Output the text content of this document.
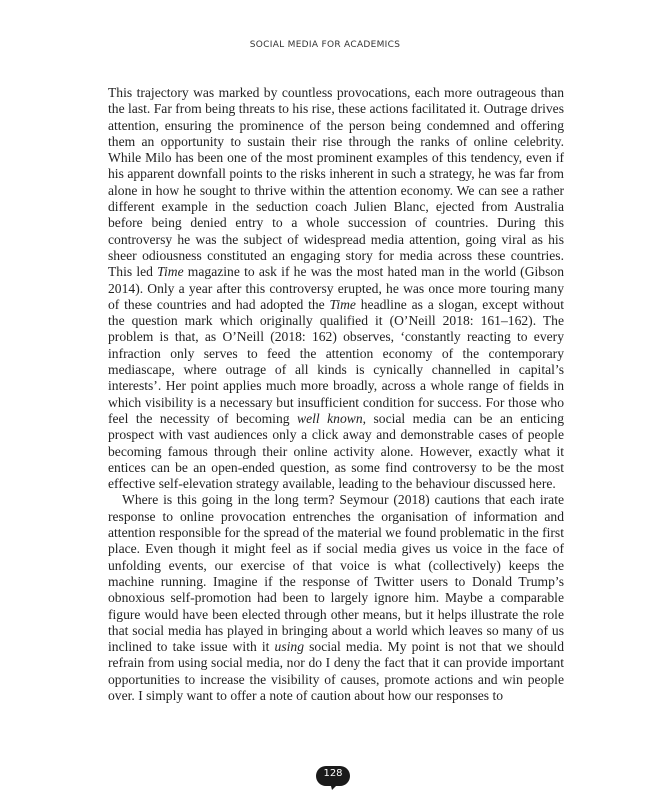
SOCIAL MEDIA FOR ACADEMICS

This trajectory was marked by countless provocations, each more outrageous than the last. Far from being threats to his rise, these actions facilitated it. Outrage drives attention, ensuring the prominence of the person being condemned and offering them an opportunity to sustain their rise through the ranks of online celebrity. While Milo has been one of the most prominent examples of this tendency, even if his apparent downfall points to the risks inherent in such a strategy, he was far from alone in how he sought to thrive within the attention economy. We can see a rather different example in the seduction coach Julien Blanc, ejected from Australia before being denied entry to a whole succession of countries. During this controversy he was the subject of widespread media attention, going viral as his sheer odiousness constituted an engaging story for media across these countries. This led Time magazine to ask if he was the most hated man in the world (Gibson 2014). Only a year after this controversy erupted, he was once more touring many of these countries and had adopted the Time headline as a slogan, except without the question mark which originally qualified it (O’Neill 2018: 161–162). The problem is that, as O’Neill (2018: 162) observes, ‘constantly reacting to every infraction only serves to feed the attention economy of the contemporary mediascape, where outrage of all kinds is cynically channelled in capital’s interests’. Her point applies much more broadly, across a whole range of fields in which visibility is a necessary but insufficient condition for success. For those who feel the necessity of becoming well known, social media can be an enticing prospect with vast audiences only a click away and demonstrable cases of people becoming famous through their online activity alone. However, exactly what it entices can be an open-ended question, as some find controversy to be the most effective self-elevation strategy available, leading to the behaviour discussed here.

Where is this going in the long term? Seymour (2018) cautions that each irate response to online provocation entrenches the organisation of information and attention responsible for the spread of the material we found problematic in the first place. Even though it might feel as if social media gives us voice in the face of unfolding events, our exercise of that voice is what (collectively) keeps the machine running. Imagine if the response of Twitter users to Donald Trump’s obnoxious self-promotion had been to largely ignore him. Maybe a comparable figure would have been elected through other means, but it helps illustrate the role that social media has played in bringing about a world which leaves so many of us inclined to take issue with it using social media. My point is not that we should refrain from using social media, nor do I deny the fact that it can provide important opportunities to increase the visibility of causes, promote actions and win people over. I simply want to offer a note of caution about how our responses to

128
